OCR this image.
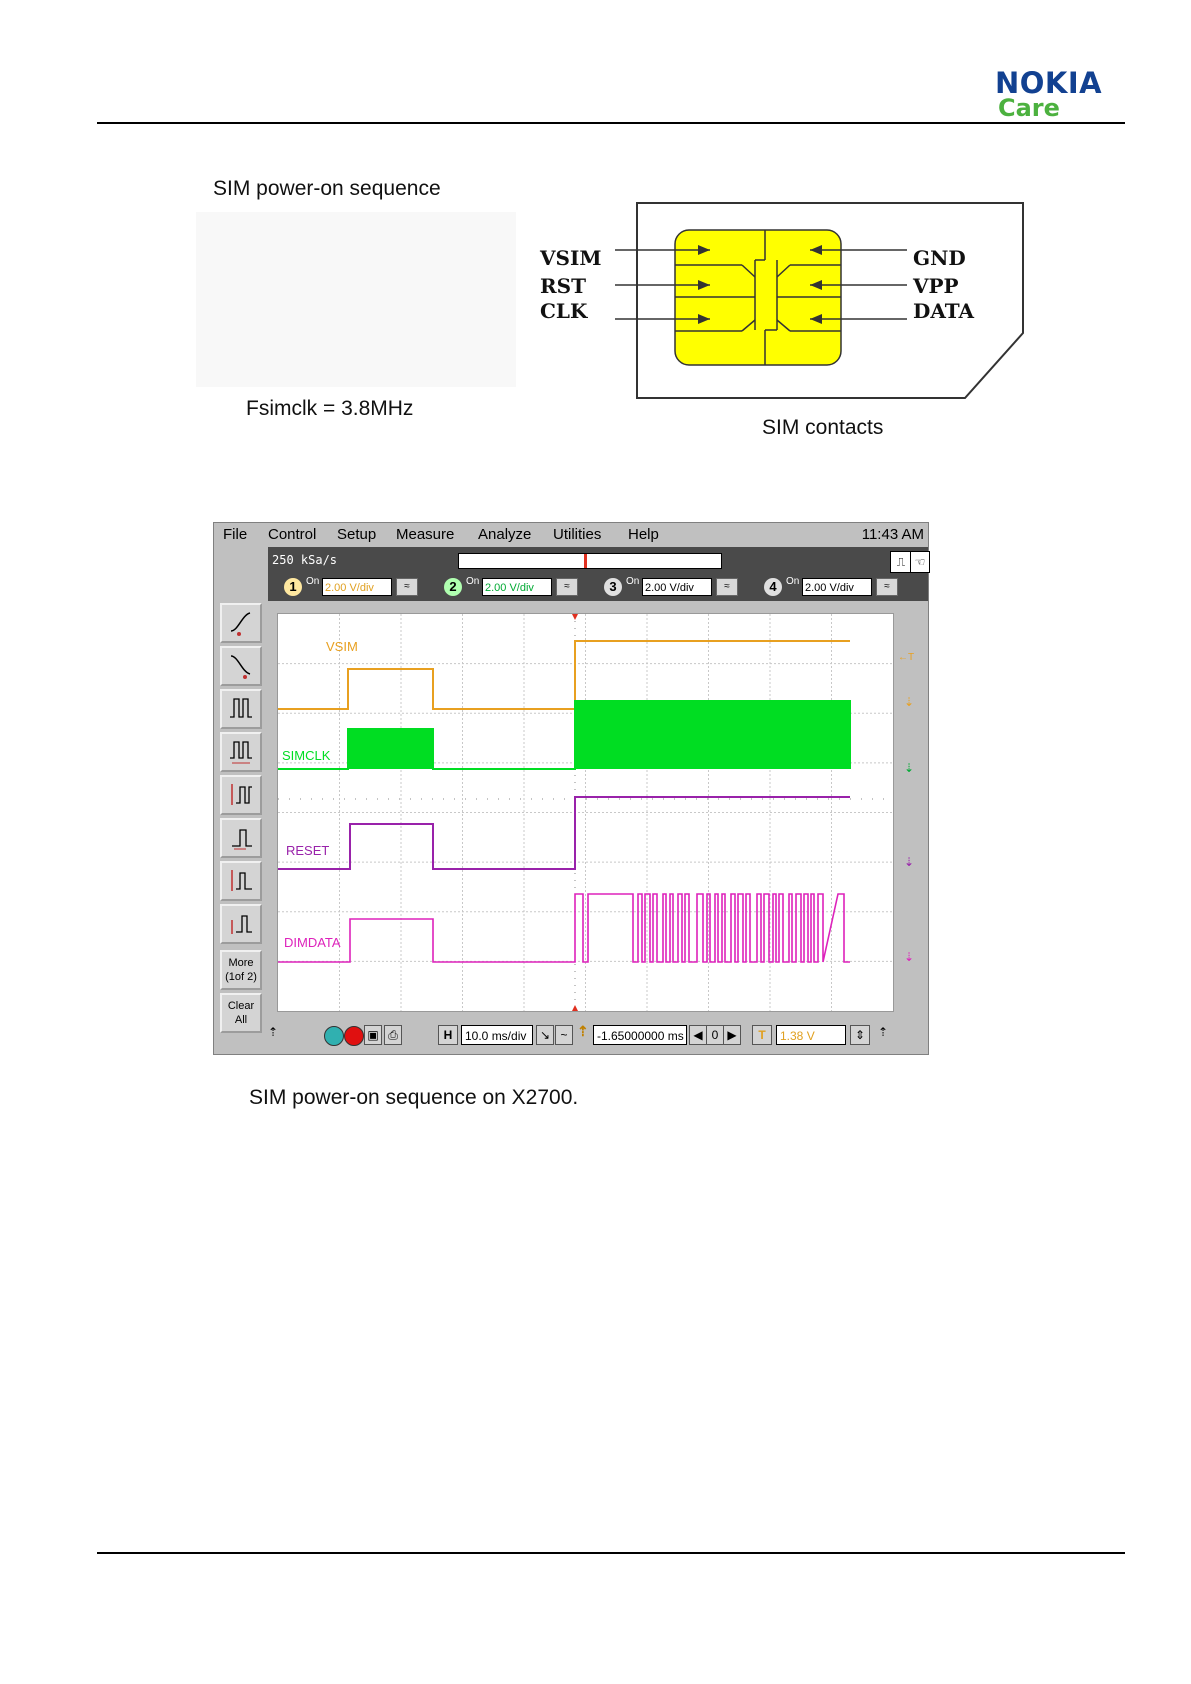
NOKIA
Care
SIM power-on sequence
Fsimclk = 3.8MHz
VSIM
RST
CLK
GND
VPP
DATA
SIM contacts
File Control Setup Measure Analyze Utilities Help	11:43 AM
250 kSa/s	⎍ ☜
1 On
2.00 V/div	≈	2 On
2.00 V/div	≈	3 On
2.00 V/div	≈	4 On
2.00 V/div	≈
More (1of 2)
Clear All
VSIM
SIMCLK
RESET
DIMDATA
←T
⇣
⇣
⇣
⇣
⇡	▣ ⎙	H	10.0 ms/div	↘ ~ ⇡ -1.65000000 ms ◀ 0 ▶	T	1.38 V	⇕	⇡
SIM power-on sequence on X2700.
